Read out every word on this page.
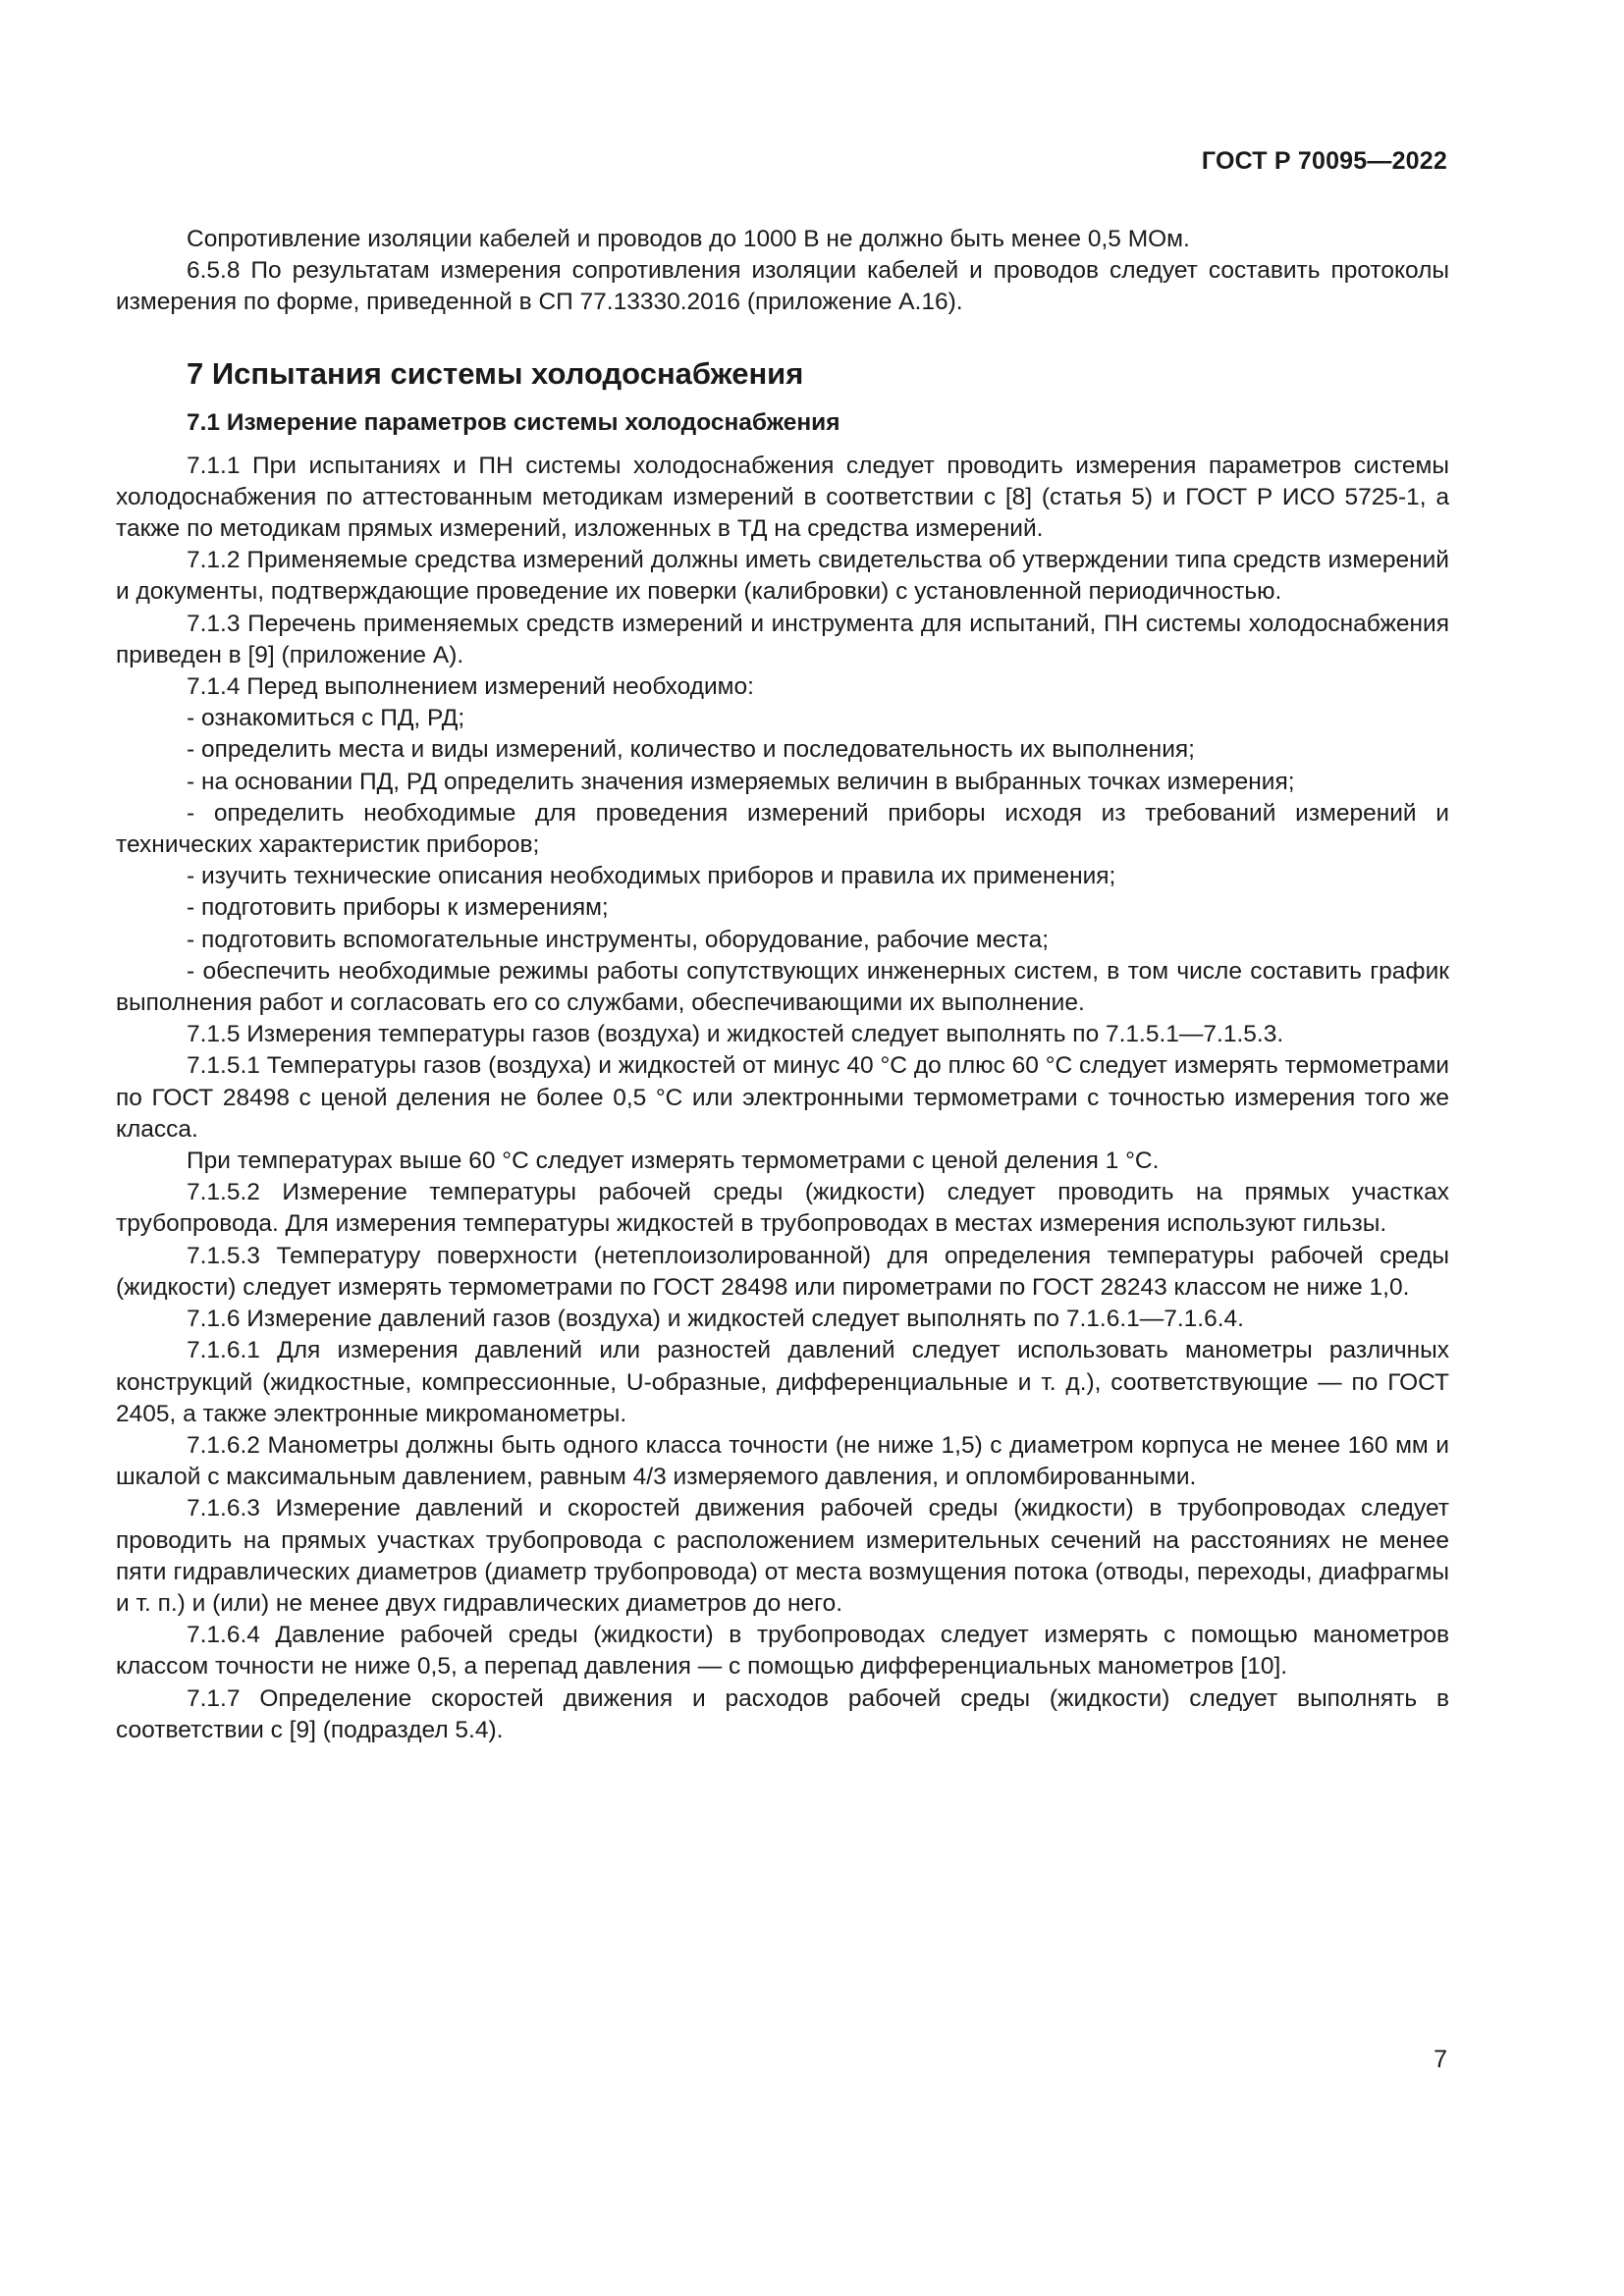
ГОСТ Р 70095—2022

Сопротивление изоляции кабелей и проводов до 1000 В не должно быть менее 0,5 МОм.

6.5.8 По результатам измерения сопротивления изоляции кабелей и проводов следует составить протоколы измерения по форме, приведенной в СП 77.13330.2016 (приложение А.16).

7 Испытания системы холодоснабжения
7.1 Измерение параметров системы холодоснабжения

7.1.1 При испытаниях и ПН системы холодоснабжения следует проводить измерения параметров системы холодоснабжения по аттестованным методикам измерений в соответствии с [8] (статья 5) и ГОСТ Р ИСО 5725-1, а также по методикам прямых измерений, изложенных в ТД на средства измерений.

7.1.2 Применяемые средства измерений должны иметь свидетельства об утверждении типа средств измерений и документы, подтверждающие проведение их поверки (калибровки) с установленной периодичностью.

7.1.3 Перечень применяемых средств измерений и инструмента для испытаний, ПН системы холодоснабжения приведен в [9] (приложение А).

7.1.4 Перед выполнением измерений необходимо:

- ознакомиться с ПД, РД;

- определить места и виды измерений, количество и последовательность их выполнения;

- на основании ПД, РД определить значения измеряемых величин в выбранных точках измерения;

- определить необходимые для проведения измерений приборы исходя из требований измерений и технических характеристик приборов;

- изучить технические описания необходимых приборов и правила их применения;

- подготовить приборы к измерениям;

- подготовить вспомогательные инструменты, оборудование, рабочие места;

- обеспечить необходимые режимы работы сопутствующих инженерных систем, в том числе составить график выполнения работ и согласовать его со службами, обеспечивающими их выполнение.

7.1.5 Измерения температуры газов (воздуха) и жидкостей следует выполнять по 7.1.5.1—7.1.5.3.

7.1.5.1 Температуры газов (воздуха) и жидкостей от минус 40 °С до плюс 60 °С следует измерять термометрами по ГОСТ 28498 с ценой деления не более 0,5 °С или электронными термометрами с точностью измерения того же класса.

При температурах выше 60 °С следует измерять термометрами с ценой деления 1 °С.

7.1.5.2 Измерение температуры рабочей среды (жидкости) следует проводить на прямых участках трубопровода. Для измерения температуры жидкостей в трубопроводах в местах измерения используют гильзы.

7.1.5.3 Температуру поверхности (нетеплоизолированной) для определения температуры рабочей среды (жидкости) следует измерять термометрами по ГОСТ 28498 или пирометрами по ГОСТ 28243 классом не ниже 1,0.

7.1.6 Измерение давлений газов (воздуха) и жидкостей следует выполнять по 7.1.6.1—7.1.6.4.

7.1.6.1 Для измерения давлений или разностей давлений следует использовать манометры различных конструкций (жидкостные, компрессионные, U-образные, дифференциальные и т. д.), соответствующие — по ГОСТ 2405, а также электронные микроманометры.

7.1.6.2 Манометры должны быть одного класса точности (не ниже 1,5) с диаметром корпуса не менее 160 мм и шкалой с максимальным давлением, равным 4/3 измеряемого давления, и опломбированными.

7.1.6.3 Измерение давлений и скоростей движения рабочей среды (жидкости) в трубопроводах следует проводить на прямых участках трубопровода с расположением измерительных сечений на расстояниях не менее пяти гидравлических диаметров (диаметр трубопровода) от места возмущения потока (отводы, переходы, диафрагмы и т. п.) и (или) не менее двух гидравлических диаметров до него.

7.1.6.4 Давление рабочей среды (жидкости) в трубопроводах следует измерять с помощью манометров классом точности не ниже 0,5, а перепад давления — с помощью дифференциальных манометров [10].

7.1.7 Определение скоростей движения и расходов рабочей среды (жидкости) следует выполнять в соответствии с [9] (подраздел 5.4).

7
